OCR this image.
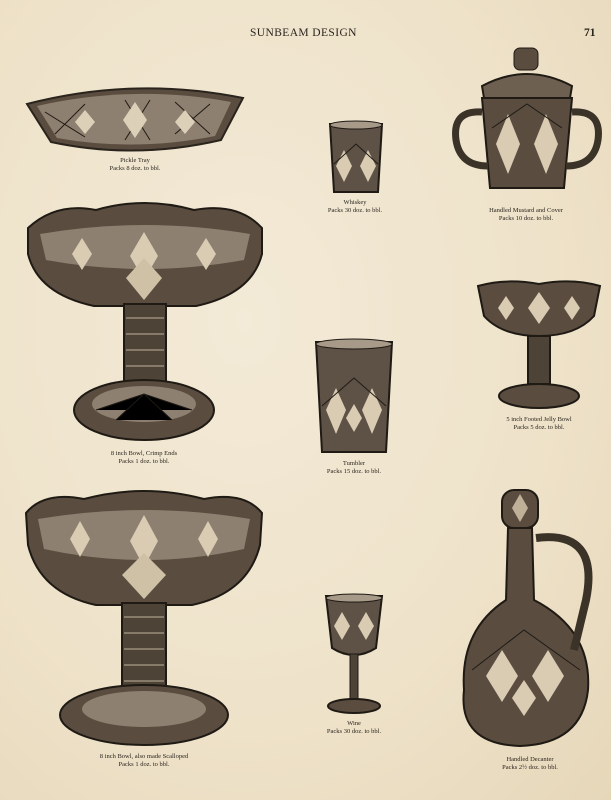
SUNBEAM DESIGN	71
Pickle Tray
Packs 8 doz. to bbl.
Whiskey
Packs 30 doz. to bbl.	Handled Mustard and Cover
Packs 10 doz. to bbl.
8 inch Bowl, Crimp Ends
Packs 1 doz. to bbl.
5 inch Footed Jelly Bowl
Packs 5 doz. to bbl.
Tumbler
Packs 15 doz. to bbl.
8 inch Bowl, also made Scalloped
Packs 1 doz. to bbl.
Wine
Packs 30 doz. to bbl.
Handled Decanter
Packs 2½ doz. to bbl.
